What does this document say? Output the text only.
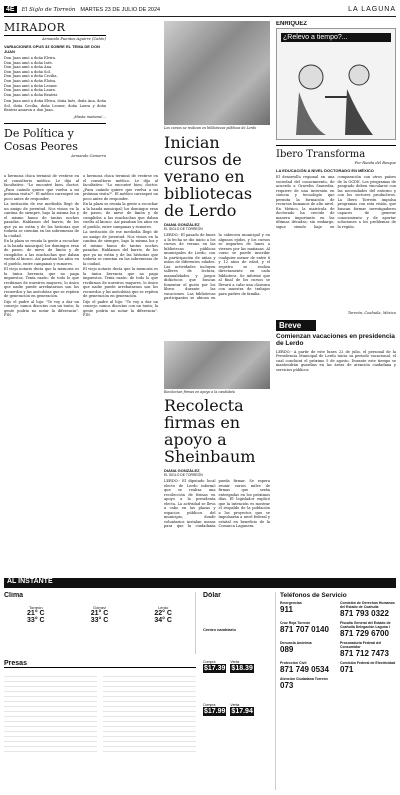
4E	El Siglo de Torreón MARTES 23 DE JULIO DE 2024	LA LAGUNA
MIRADOR
Armando Fuentes Aguirre (Catón)
VARIACIONES OPUS 33 SOBRE EL TEMA DE DON JUAN
Don Juan amó a doña Elvira.
Don Juan amó a doña Inés.
Don Juan amó a doña Ana.
Don Juan amó a doña Sol.
Don Juan amó a doña Cecilia.
Don Juan amó a doña Eloísa.
Don Juan amó a doña Leonor.
Don Juan amó a doña Laura.
Don Juan amó a doña Beatriz.
Don Juan amó a doña Elvira, doña Inés, doña Ana, doña Sol, doña Cecilia, doña Leonor, doña Laura y doña Beatriz amaron a don Juan.
¡Hasta mañana!...
De Política y Cosas Peores
Armando Camorra

a hermosa chica terminó de vestirse en el consultorio médico. Le dijo al facultativo: "Lo encontré bien, doctor. ¿Para cuándo quiere que vuelva a mi próxima visita?". El médico carraspeó un poco antes de responder.

La invitación de ese mediodía llegó de un amigo de juventud. Nos vimos en la cantina de siempre, bajo la misma luz y el mismo humo de tantas noches pasadas. Hablamos del barrio, de los que ya no están y de las historias que todavía se cuentan en las sobremesas de la ciudad.

En la plaza se reunía la gente a escuchar a la banda municipal; los domingos eran de paseo, de nieve de limón y de cumplidos a las muchachas que daban vuelta al kiosco. Así pasaban los años en el pueblo, entre campanas y rumores.

El viejo notario decía que la memoria es la única herencia que no paga impuestos. Tenía razón: de todo lo que recibimos de nuestros mayores, lo único que nadie puede arrebatarnos son los recuerdos y las anécdotas que se repiten de generación en generación.

Dijo el padre al hijo: "Te voy a dar un consejo: nunca discutas con un tonto; la gente podría no notar la diferencia". FIN.

a hermosa chica terminó de vestirse en el consultorio médico. Le dijo al facultativo: "Lo encontré bien, doctor. ¿Para cuándo quiere que vuelva a mi próxima visita?". El médico carraspeó un poco antes de responder.

En la plaza se reunía la gente a escuchar a la banda municipal; los domingos eran de paseo, de nieve de limón y de cumplidos a las muchachas que daban vuelta al kiosco. Así pasaban los años en el pueblo, entre campanas y rumores.

La invitación de ese mediodía llegó de un amigo de juventud. Nos vimos en la cantina de siempre, bajo la misma luz y el mismo humo de tantas noches pasadas. Hablamos del barrio, de los que ya no están y de las historias que todavía se cuentan en las sobremesas de la ciudad.

El viejo notario decía que la memoria es la única herencia que no paga impuestos. Tenía razón: de todo lo que recibimos de nuestros mayores, lo único que nadie puede arrebatarnos son los recuerdos y las anécdotas que se repiten de generación en generación.

Dijo el padre al hijo: "Te voy a dar un consejo: nunca discutas con un tonto; la gente podría no notar la diferencia". FIN.

Los cursos se realizan en bibliotecas públicas de Lerdo
Inician cursos de verano en bibliotecas de Lerdo
DIANA GONZÁLEZ
EL SIGLO DE TORREÓN
LERDO.- El pasado de lunes a la fecha se dio inicio a los cursos de verano en las bibliotecas públicas municipales de Lerdo, con la participación de niñas y niños de diferentes edades. Las actividades incluyen talleres de lectura, manualidades y juegos didácticos que buscan fomentar el gusto por los libros durante las vacaciones. Las bibliotecas participantes se ubican en la cabecera municipal y en algunos ejidos, y los cursos se imparten de lunes a viernes por las mañanas. Al curso se puede inscribir cualquier menor de entre 6 y 12 años de edad, y el registro se realiza directamente en cada biblioteca. Se informó que al final de los cursos se llevará a cabo una clausura con muestra de trabajos para padres de familia.
Recolectan firmas en apoyo a la candidata
Recolecta firmas en apoyo a Sheinbaum
DIANA GONZÁLEZ
EL SIGLO DE TORREÓN
LERDO.- El diputado local electo de Lerdo informó que se realiza una recolección de firmas en apoyo a la presidenta electa. La actividad se lleva a cabo en las plazas y espacios públicos del municipio, donde voluntarios instalan mesas para que la ciudadanía pueda firmar. Se espera reunir varios miles de firmas que serán entregadas en los próximos días. El legislador explicó que la intención es mostrar el respaldo de la población a los proyectos que se impulsarán a nivel federal y estatal en beneficio de la Comarca Lagunera.
ENRÍQUEZ
¿Relevo a tiempo?...
Ibero Transforma
Por Ronda del Bosque
LA EDUCACIÓN A NIVEL DOCTORADO EN MÉXICO
El desarrollo regional en una sociedad del conocimiento, de acuerdo a Gravelin Saavedra, requiere de una inversión en ciencia y tecnología que permita la formación de recursos humanos de alto nivel. En México, la matrícula de doctorado ha crecido de manera importante en las últimas décadas; sin embargo, sigue siendo baja en comparación con otros países de la OCDE. Los programas de posgrado deben vincularse con las necesidades del entorno y con los sectores productivos. La Ibero Torreón impulsa programas con esta visión, que buscan formar investigadores capaces de generar conocimiento y de aportar soluciones a los problemas de la región.
Torreón, Coahuila, México
Breve
Comienzan vacaciones en presidencia de Lerdo
LERDO.- A partir de este lunes 22 de julio, el personal de la Presidencia Municipal de Lerdo inicia su periodo vacacional, el cual concluirá el próximo 5 de agosto. Durante este tiempo se mantendrán guardias en las áreas de atención ciudadana y servicios públicos.
AL INSTANTE
Clima
Torreón
21° C
33° C
Gómez
21° C
33° C
Lerdo
22° C
34° C
Presas
Dólar
Centro cambiario
Compra
$17.39
Venta
$18.39
Compra
$17.99
Venta
$17.94
Teléfonos de Servicio
Emergencias
911
Comisión de Derechos Humanos del Estado de Coahuila
871 793 0322
Cruz Roja Torreón
871 707 0140
Fiscalía General del Estado de Coahuila Delegación Laguna I
871 729 6700
Denuncia Anónima
089
Procuraduría Federal del Consumidor
871 712 7473
Protección Civil
871 749 0534
Comisión Federal de Electricidad
071
Atención Ciudadana Torreón
073
